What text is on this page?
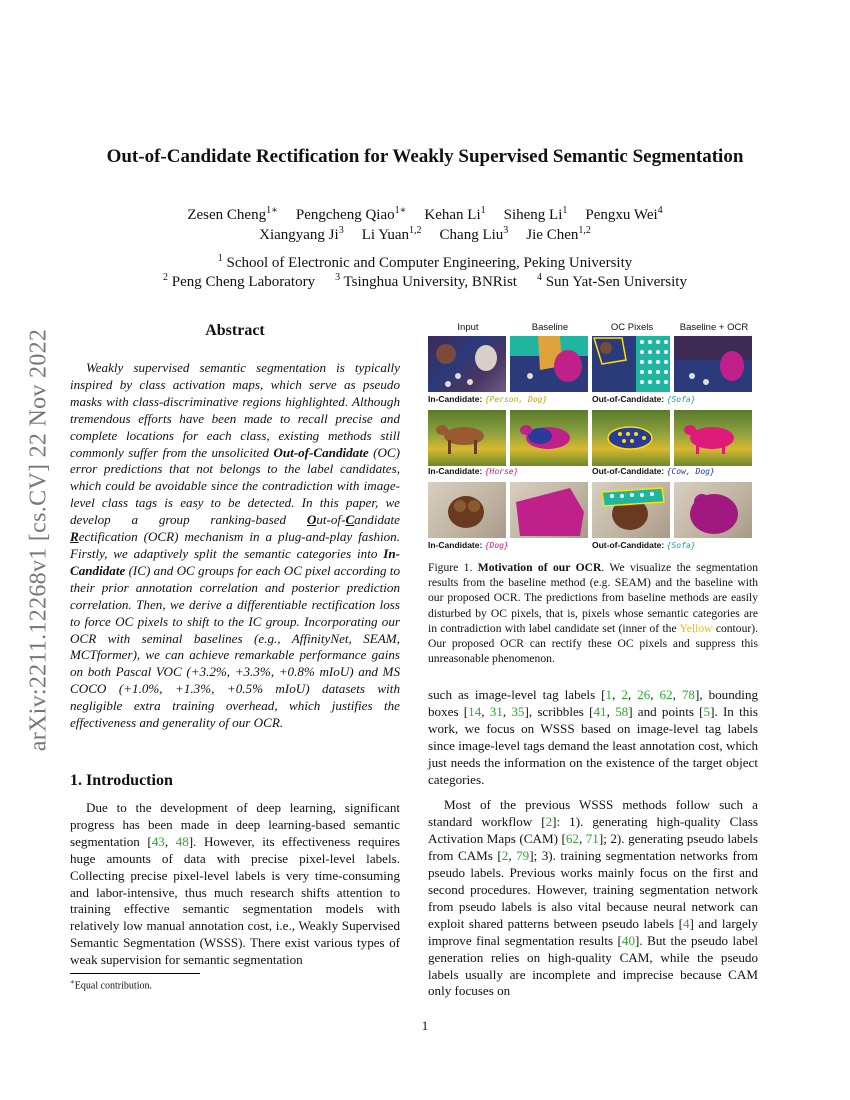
arXiv:2211.12268v1 [cs.CV] 22 Nov 2022
Out-of-Candidate Rectification for Weakly Supervised Semantic Segmentation
Zesen Cheng$^{1∗}$ Pengcheng Qiao$^{1∗}$ Kehan Li$^1$ Siheng Li$^1$ Pengxu Wei$^4$
Xiangyang Ji$^3$ Li Yuan$^{1,2}$ Chang Liu$^3$ Jie Chen$^{1,2}$
$^1$ School of Electronic and Computer Engineering, Peking University
$^2$ Peng Cheng Laboratory $^3$ Tsinghua University, BNRist $^4$ Sun Yat-Sen University
Abstract
Weakly supervised semantic segmentation is typically inspired by class activation maps, which serve as pseudo masks with class-discriminative regions highlighted. Although tremendous efforts have been made to recall precise and complete locations for each class, existing methods still commonly suffer from the unsolicited Out-of-Candidate (OC) error predictions that not belongs to the label candidates, which could be avoidable since the contradiction with image-level class tags is easy to be detected. In this paper, we develop a group ranking-based Out-of-Candidate Rectification (OCR) mechanism in a plug-and-play fashion. Firstly, we adaptively split the semantic categories into In-Candidate (IC) and OC groups for each OC pixel according to their prior annotation correlation and posterior prediction correlation. Then, we derive a differentiable rectification loss to force OC pixels to shift to the IC group. Incorporating our OCR with seminal baselines (e.g., AffinityNet, SEAM, MCTformer), we can achieve remarkable performance gains on both Pascal VOC (+3.2%, +3.3%, +0.8% mIoU) and MS COCO (+1.0%, +1.3%, +0.5% mIoU) datasets with negligible extra training overhead, which justifies the effectiveness and generality of our OCR.
1. Introduction
Due to the development of deep learning, significant progress has been made in deep learning-based semantic segmentation [43, 48]. However, its effectiveness requires huge amounts of data with precise pixel-level labels. Collecting precise pixel-level labels is very time-consuming and labor-intensive, thus much research shifts attention to training effective semantic segmentation models with relatively low manual annotation cost, i.e., Weakly Supervised Semantic Segmentation (WSSS). There exist various types of weak supervision for semantic segmentation
∗Equal contribution.
Input	Baseline	OC Pixels	Baseline + OCR
In-Candidate: {Person, Dog}	Out-of-Candidate: {Sofa}
In-Candidate: {Horse}	Out-of-Candidate: {Cow, Dog}
In-Candidate: {Dog}	Out-of-Candidate: {Sofa}
Figure 1. Motivation of our OCR. We visualize the segmentation results from the baseline method (e.g. SEAM) and the baseline with our proposed OCR. The predictions from baseline methods are easily disturbed by OC pixels, that is, pixels whose semantic categories are in contradiction with label candidate set (inner of the Yellow contour). Our proposed OCR can rectify these OC pixels and suppress this unreasonable phenomenon.
such as image-level tag labels [1, 2, 26, 62, 78], bounding boxes [14, 31, 35], scribbles [41, 58] and points [5]. In this work, we focus on WSSS based on image-level tag labels since image-level tags demand the least annotation cost, which just needs the information on the existence of the target object categories.
Most of the previous WSSS methods follow such a standard workflow [2]: 1). generating high-quality Class Activation Maps (CAM) [62, 71]; 2). generating pseudo labels from CAMs [2, 79]; 3). training segmentation networks from pseudo labels. Previous works mainly focus on the first and second procedures. However, training segmentation network from pseudo labels is also vital because neural network can exploit shared patterns between pseudo labels [4] and largely improve final segmentation results [40]. But the pseudo label generation relies on high-quality CAM, while the pseudo labels usually are incomplete and imprecise because CAM only focuses on
1
